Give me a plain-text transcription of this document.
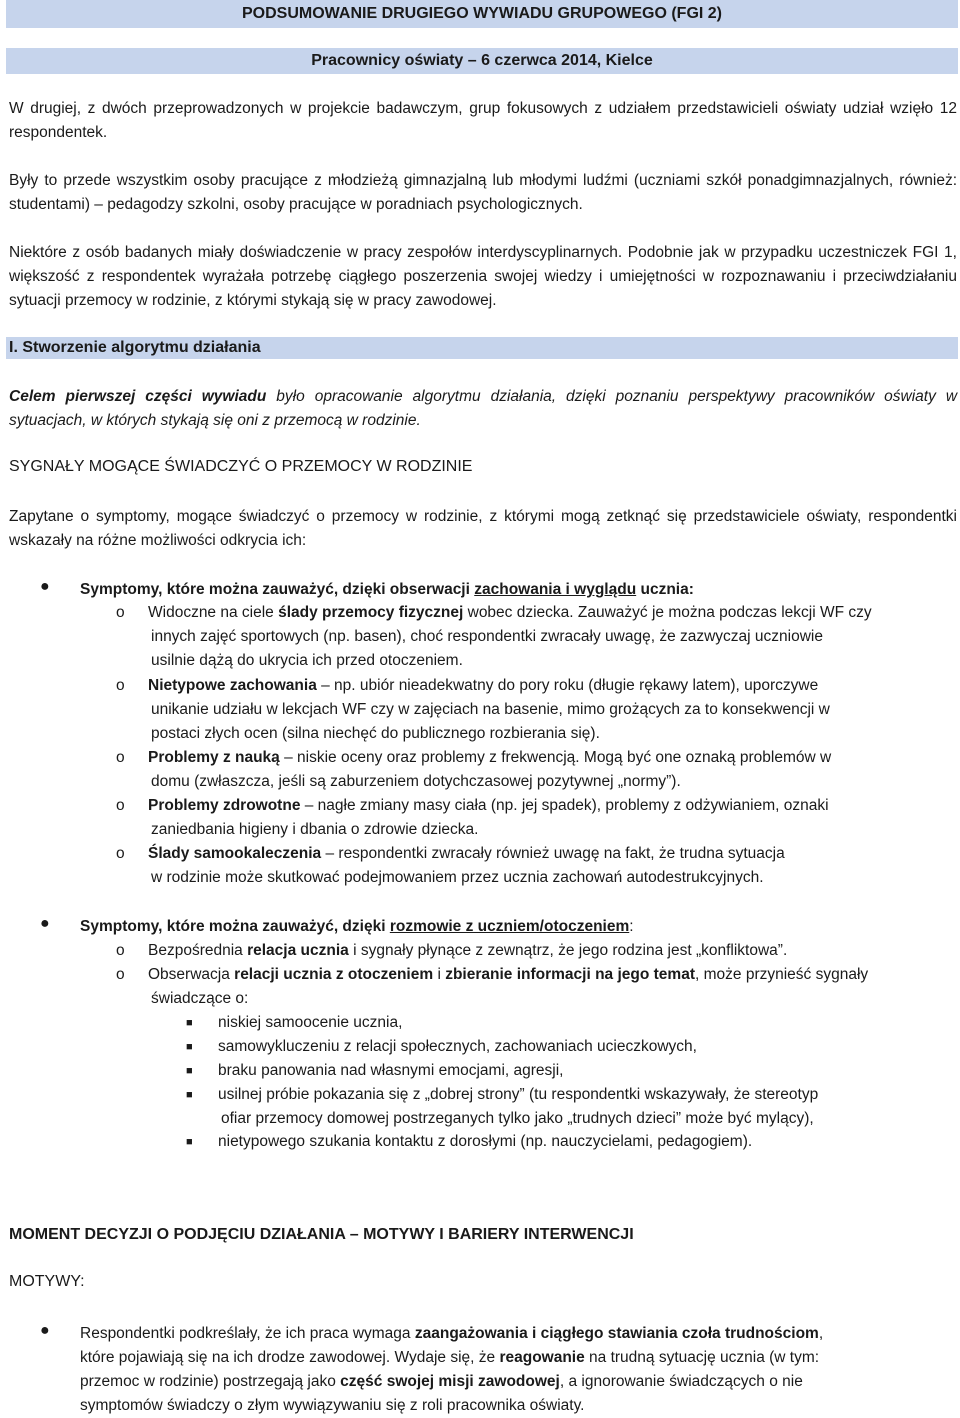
PODSUMOWANIE DRUGIEGO WYWIADU GRUPOWEGO (FGI 2)
Pracownicy oświaty – 6 czerwca 2014, Kielce
W drugiej, z dwóch przeprowadzonych w projekcie badawczym, grup fokusowych z udziałem przedstawicieli oświaty udział wzięło 12 respondentek.
Były to przede wszystkim osoby pracujące z młodzieżą gimnazjalną lub młodymi ludźmi (uczniami szkół ponadgimnazjalnych, również: studentami) – pedagodzy szkolni, osoby pracujące w poradniach psychologicznych.
Niektóre z osób badanych miały doświadczenie w pracy zespołów interdyscyplinarnych. Podobnie jak w przypadku uczestniczek FGI 1, większość z respondentek wyrażała potrzebę ciągłego poszerzenia swojej wiedzy i umiejętności w rozpoznawaniu i przeciwdziałaniu sytuacji przemocy w rodzinie, z którymi stykają się w pracy zawodowej.
I. Stworzenie algorytmu działania
Celem pierwszej części wywiadu było opracowanie algorytmu działania, dzięki poznaniu perspektywy pracowników oświaty w sytuacjach, w których stykają się oni z przemocą w rodzinie.
SYGNAŁY MOGĄCE ŚWIADCZYĆ O PRZEMOCY W RODZINIE
Zapytane o symptomy, mogące świadczyć o przemocy w rodzinie, z którymi mogą zetknąć się przedstawiciele oświaty, respondentki wskazały na różne możliwości odkrycia ich:
● Symptomy, które można zauważyć, dzięki obserwacji zachowania i wyglądu ucznia:
o Widoczne na ciele ślady przemocy fizycznej wobec dziecka. Zauważyć je można podczas lekcji WF czy
innych zajęć sportowych (np. basen), choć respondentki zwracały uwagę, że zazwyczaj uczniowie
usilnie dążą do ukrycia ich przed otoczeniem.
o Nietypowe zachowania – np. ubiór nieadekwatny do pory roku (długie rękawy latem), uporczywe
unikanie udziału w lekcjach WF czy w zajęciach na basenie, mimo grożących za to konsekwencji w
postaci złych ocen (silna niechęć do publicznego rozbierania się).
o Problemy z nauką – niskie oceny oraz problemy z frekwencją. Mogą być one oznaką problemów w
domu (zwłaszcza, jeśli są zaburzeniem dotychczasowej pozytywnej „normy”).
o Problemy zdrowotne – nagłe zmiany masy ciała (np. jej spadek), problemy z odżywianiem, oznaki
zaniedbania higieny i dbania o zdrowie dziecka.
o Ślady samookaleczenia – respondentki zwracały również uwagę na fakt, że trudna sytuacja
w rodzinie może skutkować podejmowaniem przez ucznia zachowań autodestrukcyjnych.
● Symptomy, które można zauważyć, dzięki rozmowie z uczniem/otoczeniem:
o Bezpośrednia relacja ucznia i sygnały płynące z zewnątrz, że jego rodzina jest „konfliktowa”.
o Obserwacja relacji ucznia z otoczeniem i zbieranie informacji na jego temat, może przynieść sygnały
świadczące o:
■ niskiej samoocenie ucznia,
■ samowykluczeniu z relacji społecznych, zachowaniach ucieczkowych,
■ braku panowania nad własnymi emocjami, agresji,
■ usilnej próbie pokazania się z „dobrej strony” (tu respondentki wskazywały, że stereotyp
ofiar przemocy domowej postrzeganych tylko jako „trudnych dzieci” może być mylący),
■ nietypowego szukania kontaktu z dorosłymi (np. nauczycielami, pedagogiem).
MOMENT DECYZJI O PODJĘCIU DZIAŁANIA – MOTYWY I BARIERY INTERWENCJI
MOTYWY:
● Respondentki podkreślały, że ich praca wymaga zaangażowania i ciągłego stawiania czoła trudnościom,
które pojawiają się na ich drodze zawodowej. Wydaje się, że reagowanie na trudną sytuację ucznia (w tym:
przemoc w rodzinie) postrzegają jako część swojej misji zawodowej, a ignorowanie świadczących o nie
symptomów świadczy o złym wywiązywaniu się z roli pracownika oświaty.
